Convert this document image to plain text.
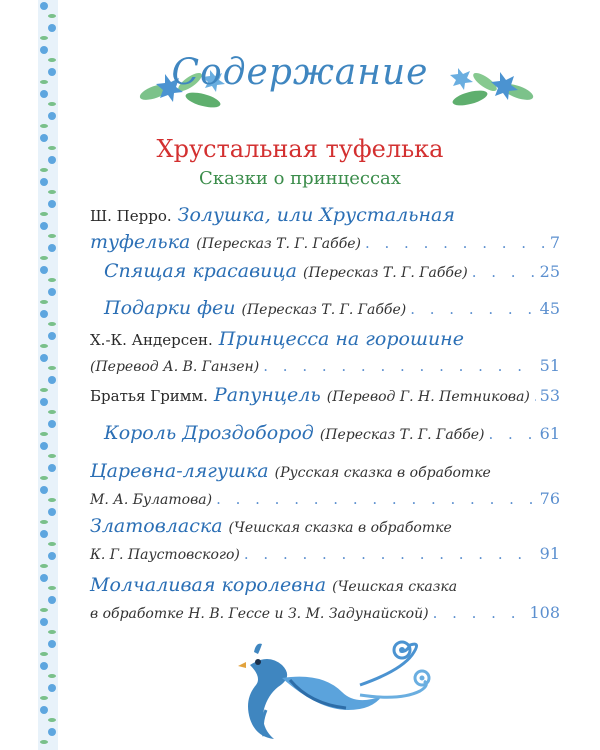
Содержание
Хрустальная туфелька
Сказки о принцессах
Ш. Перро. Золушка, или Хрустальная
туфелька (Пересказ Т. Г. Габбе) . . .	7
Спящая красавица (Пересказ Т. Г. Габбе) . . .	25
Подарки феи (Пересказ Т. Г. Габбе) . . .	45
Х.-К. Андерсен. Принцесса на горошине
(Перевод А. В. Ганзен) . . .	51
Братья Гримм. Рапунцель (Перевод Г. Н. Петникова) . . . 53
Король Дроздобород (Пересказ Т. Г. Габбе) . . .	61
Царевна-лягушка (Русская сказка в обработке
М. А. Булатова) . . .	76
Златовласка (Чешская сказка в обработке
К. Г. Паустовского) . . .	91
Молчаливая королевна (Чешская сказка
в обработке Н. В. Гессе и З. М. Задунайской) . . .	108
